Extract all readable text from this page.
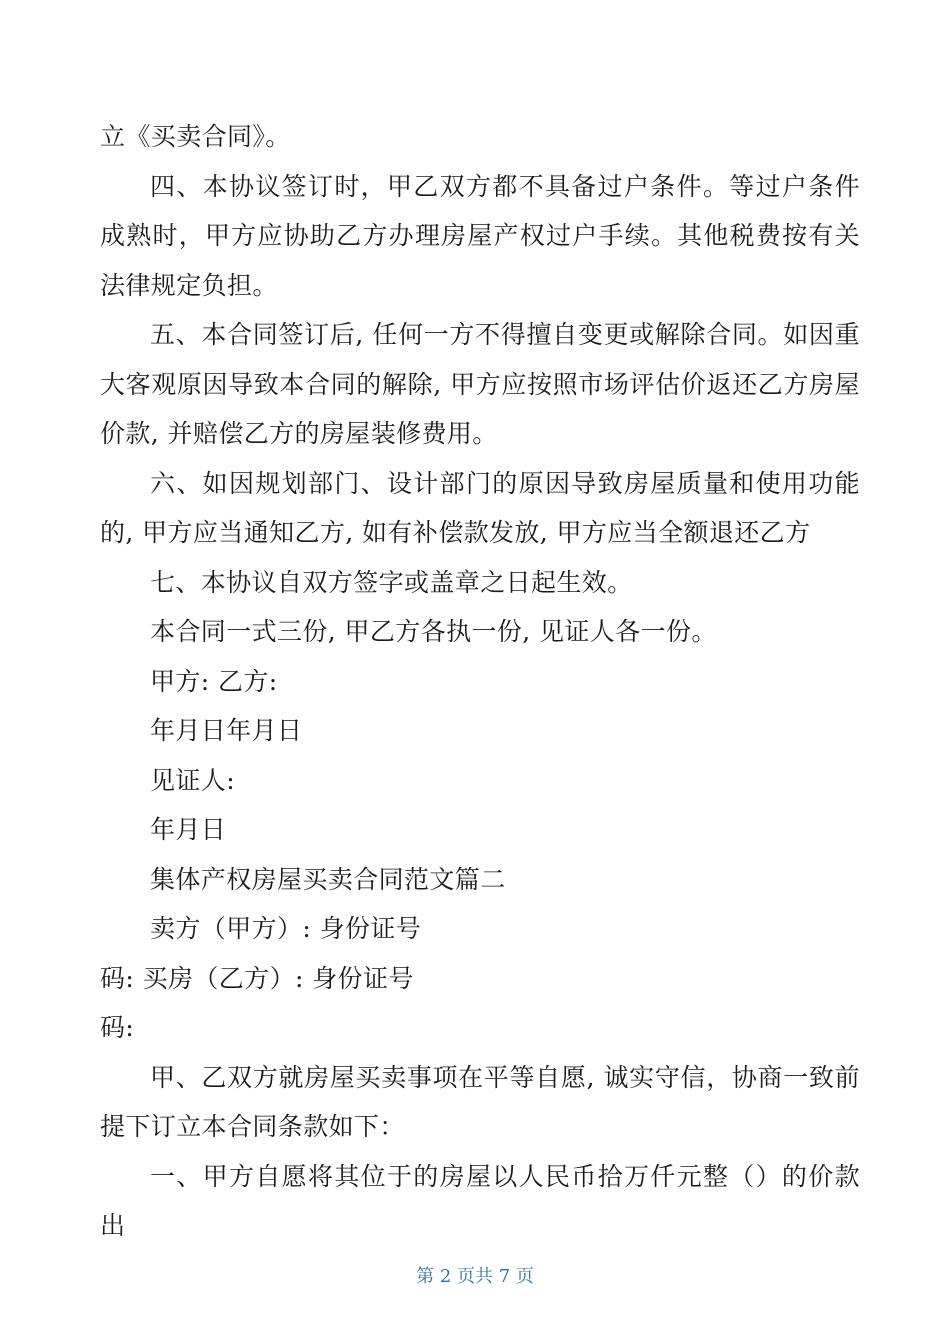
立《买卖合同》。

四、本协议签订时，甲乙双方都不具备过户条件。等过户条件成熟时，甲方应协助乙方办理房屋产权过户手续。其他税费按有关法律规定负担。

五、本合同签订后, 任何一方不得擅自变更或解除合同。如因重大客观原因导致本合同的解除, 甲方应按照市场评估价返还乙方房屋价款, 并赔偿乙方的房屋装修费用。

六、如因规划部门、设计部门的原因导致房屋质量和使用功能的, 甲方应当通知乙方, 如有补偿款发放, 甲方应当全额退还乙方

七、本协议自双方签字或盖章之日起生效。

本合同一式三份, 甲乙方各执一份, 见证人各一份。

甲方: 乙方:

年月日年月日

见证人:

年月日

集体产权房屋买卖合同范文篇二

卖方（甲方）: 身份证号

码: 买房（乙方）: 身份证号

码:

甲、乙双方就房屋买卖事项在平等自愿, 诚实守信，协商一致前提下订立本合同条款如下：

一、甲方自愿将其位于的房屋以人民币拾万仟元整（）的价款出

第 2 页共 7 页
